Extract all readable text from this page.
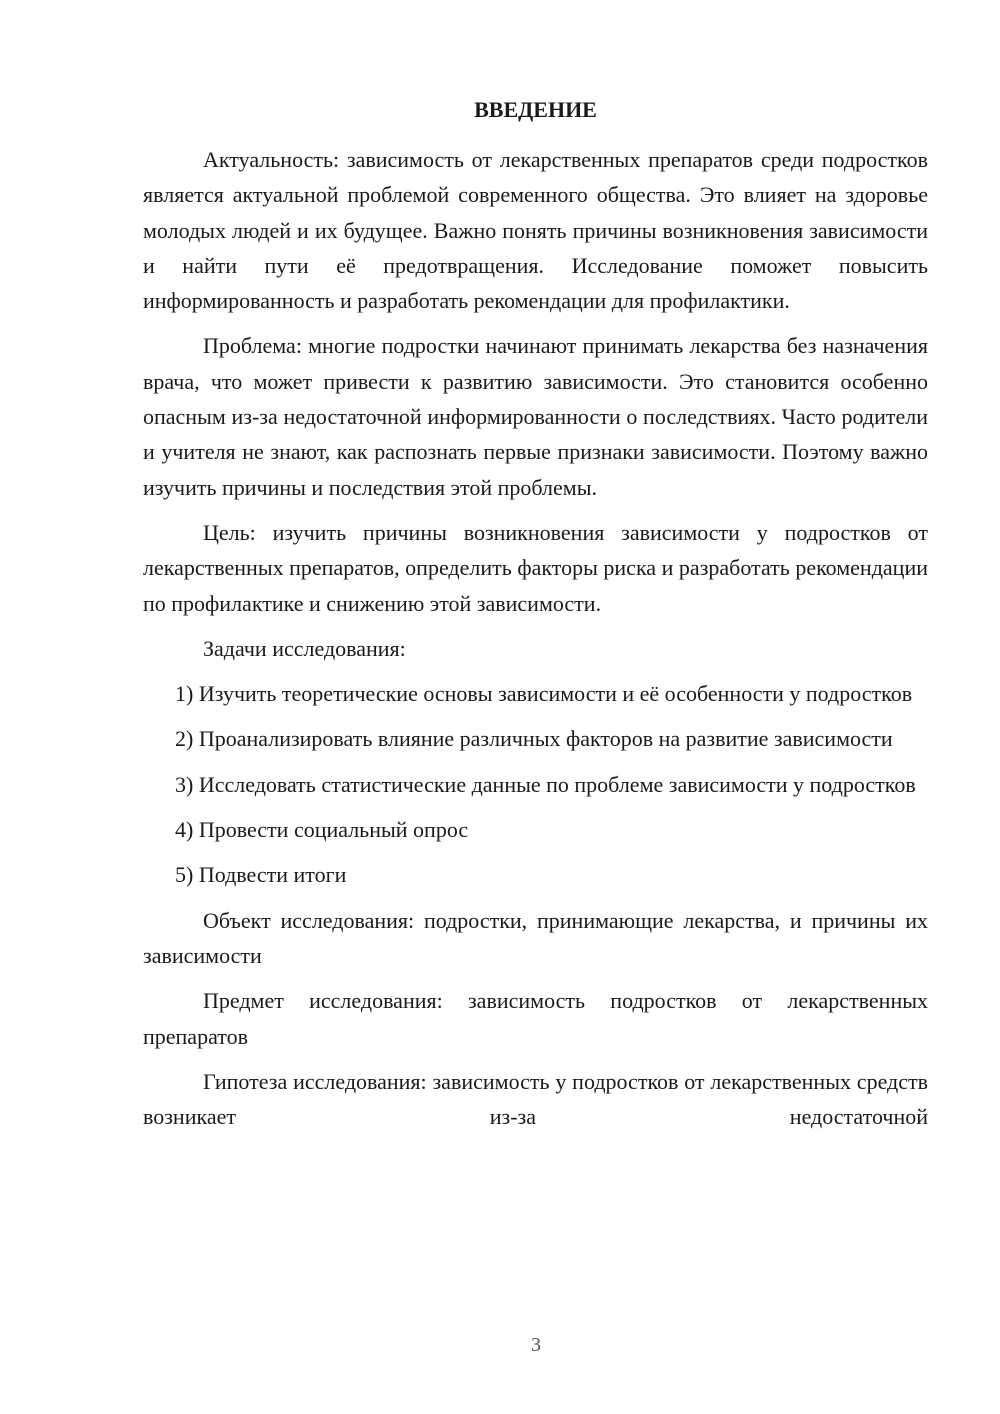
ВВЕДЕНИЕ

Актуальность: зависимость от лекарственных препаратов среди подростков является актуальной проблемой современного общества. Это влияет на здоровье молодых людей и их будущее. Важно понять причины возникновения зависимости и найти пути её предотвращения. Исследование поможет повысить информированность и разработать рекомендации для профилактики.

Проблема: многие подростки начинают принимать лекарства без назначения врача, что может привести к развитию зависимости. Это становится особенно опасным из-за недостаточной информированности о последствиях. Часто родители и учителя не знают, как распознать первые признаки зависимости. Поэтому важно изучить причины и последствия этой проблемы.

Цель: изучить причины возникновения зависимости у подростков от лекарственных препаратов, определить факторы риска и разработать рекомендации по профилактике и снижению этой зависимости.

Задачи исследования:

1) Изучить теоретические основы зависимости и её особенности у подростков

2) Проанализировать влияние различных факторов на развитие зависимости

3) Исследовать статистические данные по проблеме зависимости у подростков

4) Провести социальный опрос

5) Подвести итоги

Объект исследования: подростки, принимающие лекарства, и причины их зависимости

Предмет исследования: зависимость подростков от лекарственных препаратов

Гипотеза исследования: зависимость у подростков от лекарственных средств возникает из-за недостаточной

3
